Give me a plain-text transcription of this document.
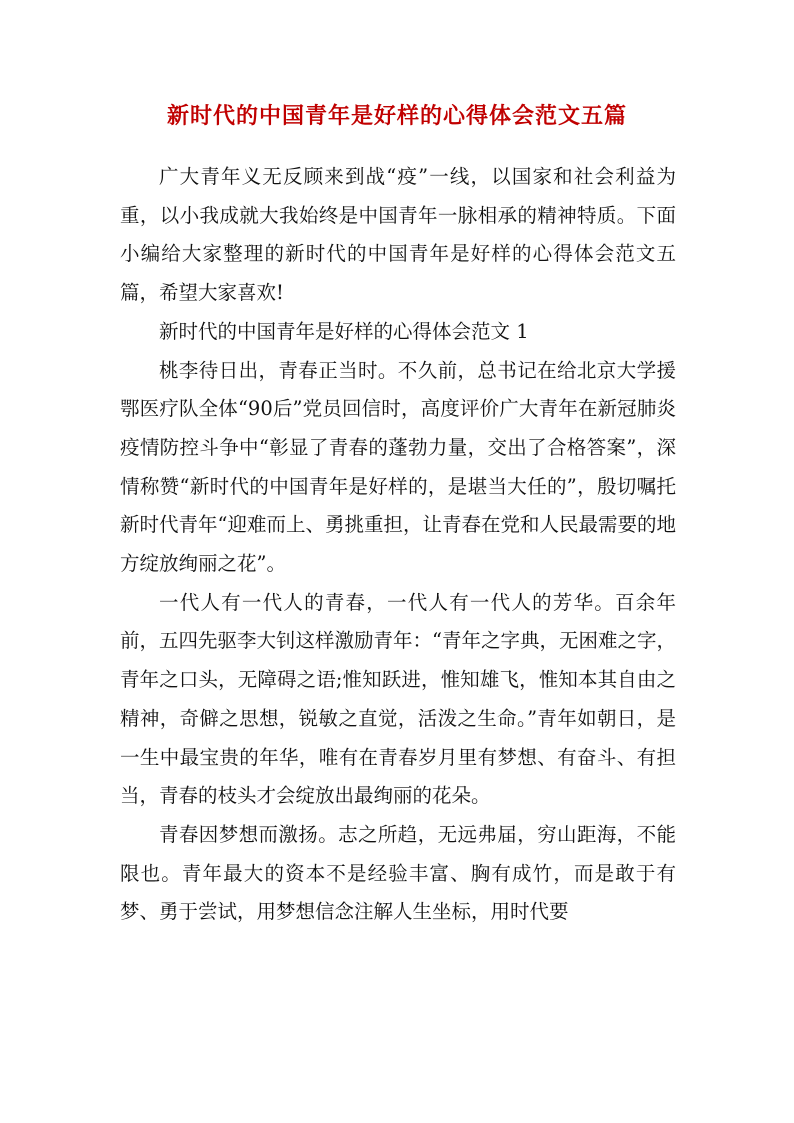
新时代的中国青年是好样的心得体会范文五篇

广大青年义无反顾来到战“疫”一线，以国家和社会利益为重，以小我成就大我始终是中国青年一脉相承的精神特质。下面小编给大家整理的新时代的中国青年是好样的心得体会范文五篇，希望大家喜欢!

新时代的中国青年是好样的心得体会范文 1

桃李待日出，青春正当时。不久前，总书记在给北京大学援鄂医疗队全体“90后”党员回信时，高度评价广大青年在新冠肺炎疫情防控斗争中“彰显了青春的蓬勃力量，交出了合格答案”，深情称赞“新时代的中国青年是好样的，是堪当大任的”，殷切嘱托新时代青年“迎难而上、勇挑重担，让青春在党和人民最需要的地方绽放绚丽之花”。

一代人有一代人的青春，一代人有一代人的芳华。百余年前，五四先驱李大钊这样激励青年：“青年之字典，无困难之字，青年之口头，无障碍之语;惟知跃进，惟知雄飞，惟知本其自由之精神，奇僻之思想，锐敏之直觉，活泼之生命。”青年如朝日，是一生中最宝贵的年华，唯有在青春岁月里有梦想、有奋斗、有担当，青春的枝头才会绽放出最绚丽的花朵。

青春因梦想而激扬。志之所趋，无远弗届，穷山距海，不能限也。青年最大的资本不是经验丰富、胸有成竹，而是敢于有梦、勇于尝试，用梦想信念注解人生坐标，用时代要
